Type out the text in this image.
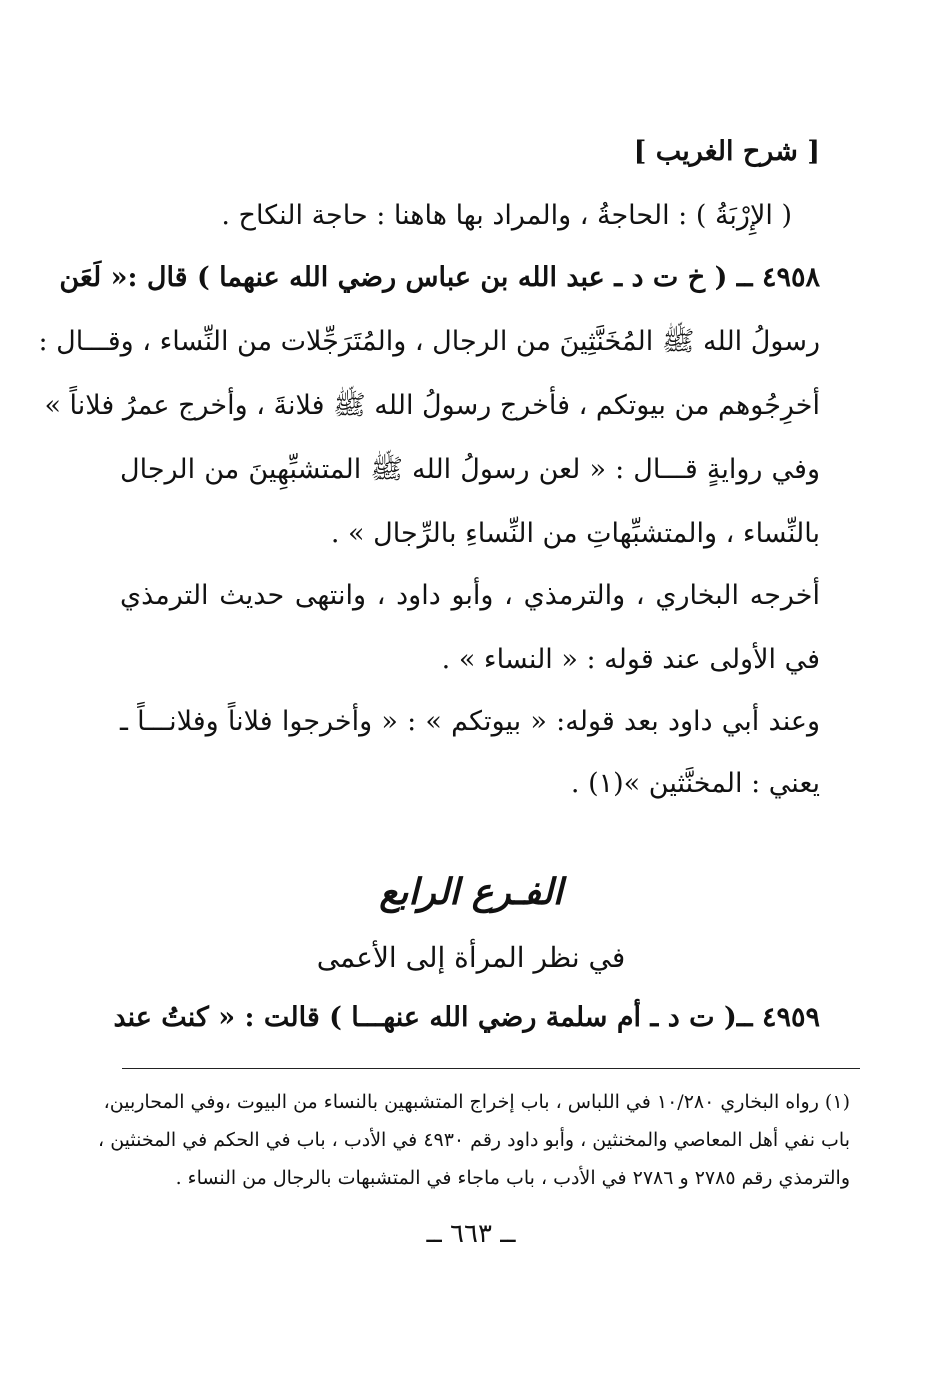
[ شرح الغريب ]
( الإِرْبَةُ ) : الحاجةُ ، والمراد بها هاهنا : حاجة النكاح .
٤٩٥٨ ــ ( خ ت د ـ عبد الله بن عباس رضي الله عنهما ) قال :« لَعَن
رسولُ الله ﷺ المُخَنَّثِينَ من الرجال ، والمُتَرَجِّلات من النِّساء ، وقـــال :
أخرِجُوهم من بيوتكم ، فأخرج رسولُ الله ﷺ فلانةَ ، وأخرج عمرُ فلاناً »
وفي روايةٍ قـــال : « لعن رسولُ الله ﷺ المتشبِّهِينَ من الرجال
بالنِّساء ، والمتشبِّهاتِ من النِّساءِ بالرِّجال » .
أخرجه البخاري ، والترمذي ، وأبو داود ، وانتهى حديث الترمذي
في الأولى عند قوله : « النساء » .
وعند أبي داود بعد قوله: « بيوتكم » : « وأخرجوا فلاناً وفلانـــاً ـ
يعني : المخنَّثين »(١) .
الفـرع الرابع
في نظر المرأة إلى الأعمى
٤٩٥٩ ــ( ت د ـ أم سلمة رضي الله عنهـــا ) قالت : « كنتُ عند
(١) رواه البخاري ١٠/٢٨٠ في اللباس ، باب إخراج المتشبهين بالنساء من البيوت ،وفي المحاربين،
باب نفي أهل المعاصي والمخنثين ، وأبو داود رقم ٤٩٣٠ في الأدب ، باب في الحكم في المخنثين ،
والترمذي رقم ٢٧٨٥ و ٢٧٨٦ في الأدب ، باب ماجاء في المتشبهات بالرجال من النساء .
ــ ٦٦٣ ــ
